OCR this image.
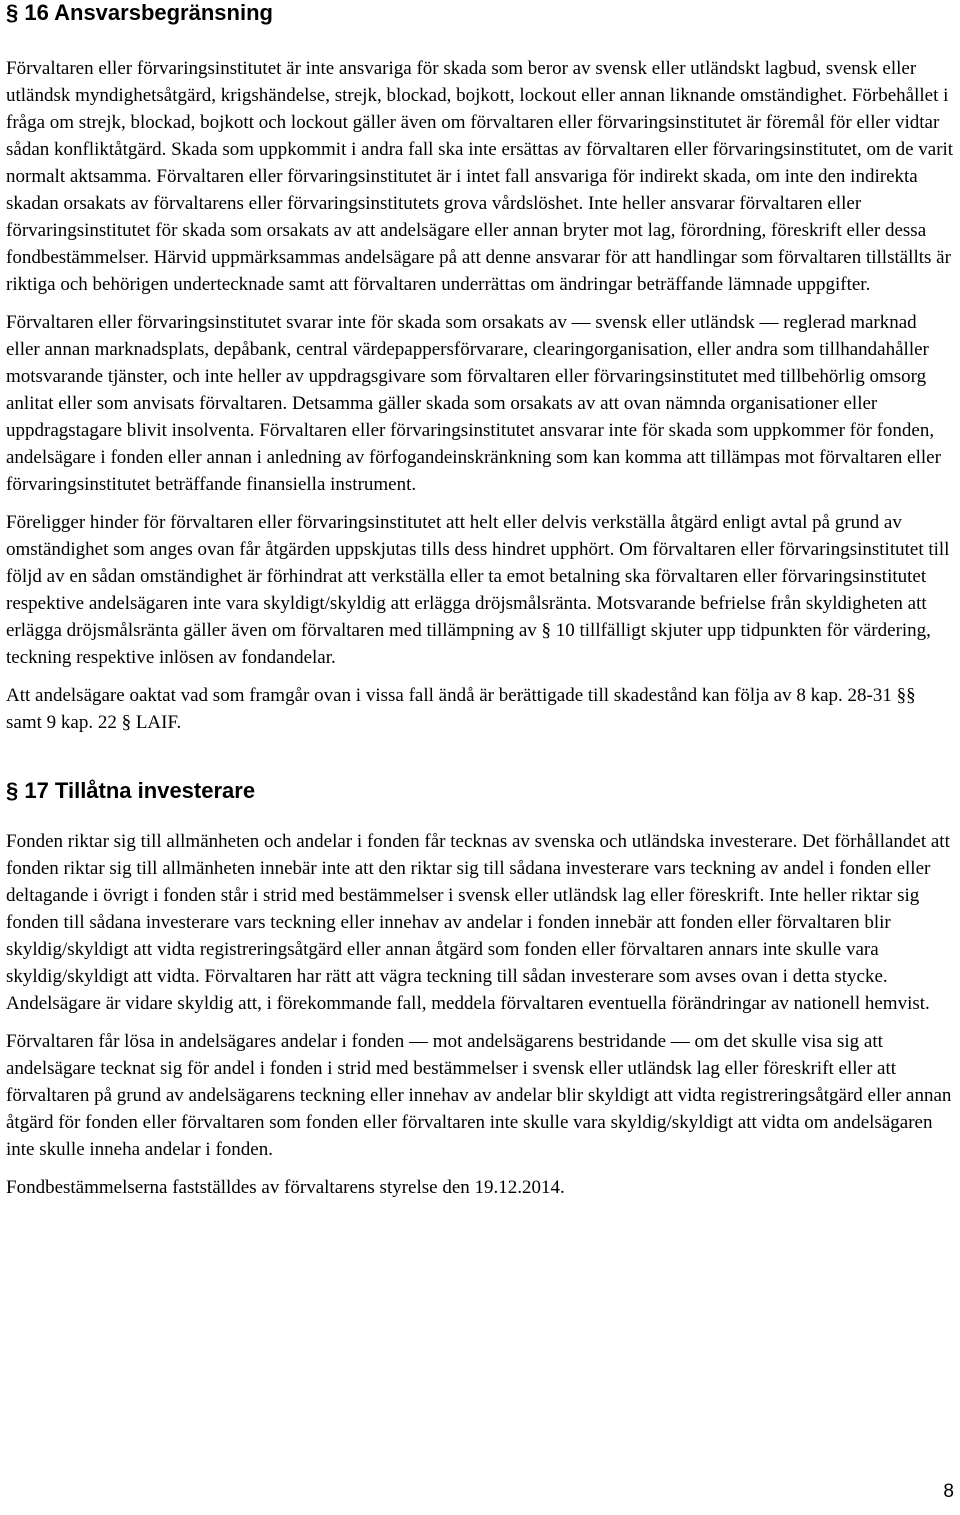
§ 16 Ansvarsbegränsning

Förvaltaren eller förvaringsinstitutet är inte ansvariga för skada som beror av svensk eller utländskt lagbud, svensk eller utländsk myndighetsåtgärd, krigshändelse, strejk, blockad, bojkott, lockout eller annan liknande omständighet. Förbehållet i fråga om strejk, blockad, bojkott och lockout gäller även om förvaltaren eller förvaringsinstitutet är föremål för eller vidtar sådan konfliktåtgärd. Skada som uppkommit i andra fall ska inte ersättas av förvaltaren eller förvaringsinstitutet, om de varit normalt aktsamma. Förvaltaren eller förvaringsinstitutet är i intet fall ansvariga för indirekt skada, om inte den indirekta skadan orsakats av förvaltarens eller förvaringsinstitutets grova vårdslöshet. Inte heller ansvarar förvaltaren eller förvaringsinstitutet för skada som orsakats av att andelsägare eller annan bryter mot lag, förordning, föreskrift eller dessa fondbestämmelser. Härvid uppmärksammas andelsägare på att denne ansvarar för att handlingar som förvaltaren tillställts är riktiga och behörigen undertecknade samt att förvaltaren underrättas om ändringar beträffande lämnade uppgifter.

Förvaltaren eller förvaringsinstitutet svarar inte för skada som orsakats av — svensk eller utländsk — reglerad marknad eller annan marknadsplats, depåbank, central värdepappersförvarare, clearingorganisation, eller andra som tillhandahåller motsvarande tjänster, och inte heller av uppdragsgivare som förvaltaren eller förvaringsinstitutet med tillbehörlig omsorg anlitat eller som anvisats förvaltaren. Detsamma gäller skada som orsakats av att ovan nämnda organisationer eller uppdragstagare blivit insolventa. Förvaltaren eller förvaringsinstitutet ansvarar inte för skada som uppkommer för fonden, andelsägare i fonden eller annan i anledning av förfogandeinskränkning som kan komma att tillämpas mot förvaltaren eller förvaringsinstitutet beträffande finansiella instrument.

Föreligger hinder för förvaltaren eller förvaringsinstitutet att helt eller delvis verkställa åtgärd enligt avtal på grund av omständighet som anges ovan får åtgärden uppskjutas tills dess hindret upphört. Om förvaltaren eller förvaringsinstitutet till följd av en sådan omständighet är förhindrat att verkställa eller ta emot betalning ska förvaltaren eller förvaringsinstitutet respektive andelsägaren inte vara skyldigt/skyldig att erlägga dröjsmålsränta. Motsvarande befrielse från skyldigheten att erlägga dröjsmålsränta gäller även om förvaltaren med tillämpning av § 10 tillfälligt skjuter upp tidpunkten för värdering, teckning respektive inlösen av fondandelar.

Att andelsägare oaktat vad som framgår ovan i vissa fall ändå är berättigade till skadestånd kan följa av 8 kap. 28-31 §§ samt 9 kap. 22 § LAIF.

§ 17 Tillåtna investerare

Fonden riktar sig till allmänheten och andelar i fonden får tecknas av svenska och utländska investerare. Det förhållandet att fonden riktar sig till allmänheten innebär inte att den riktar sig till sådana investerare vars teckning av andel i fonden eller deltagande i övrigt i fonden står i strid med bestämmelser i svensk eller utländsk lag eller föreskrift. Inte heller riktar sig fonden till sådana investerare vars teckning eller innehav av andelar i fonden innebär att fonden eller förvaltaren blir skyldig/skyldigt att vidta registreringsåtgärd eller annan åtgärd som fonden eller förvaltaren annars inte skulle vara skyldig/skyldigt att vidta. Förvaltaren har rätt att vägra teckning till sådan investerare som avses ovan i detta stycke. Andelsägare är vidare skyldig att, i förekommande fall, meddela förvaltaren eventuella förändringar av nationell hemvist.

Förvaltaren får lösa in andelsägares andelar i fonden — mot andelsägarens bestridande — om det skulle visa sig att andelsägare tecknat sig för andel i fonden i strid med bestämmelser i svensk eller utländsk lag eller föreskrift eller att förvaltaren på grund av andelsägarens teckning eller innehav av andelar blir skyldigt att vidta registreringsåtgärd eller annan åtgärd för fonden eller förvaltaren som fonden eller förvaltaren inte skulle vara skyldig/skyldigt att vidta om andelsägaren inte skulle inneha andelar i fonden.

Fondbestämmelserna fastställdes av förvaltarens styrelse den 19.12.2014.

8
